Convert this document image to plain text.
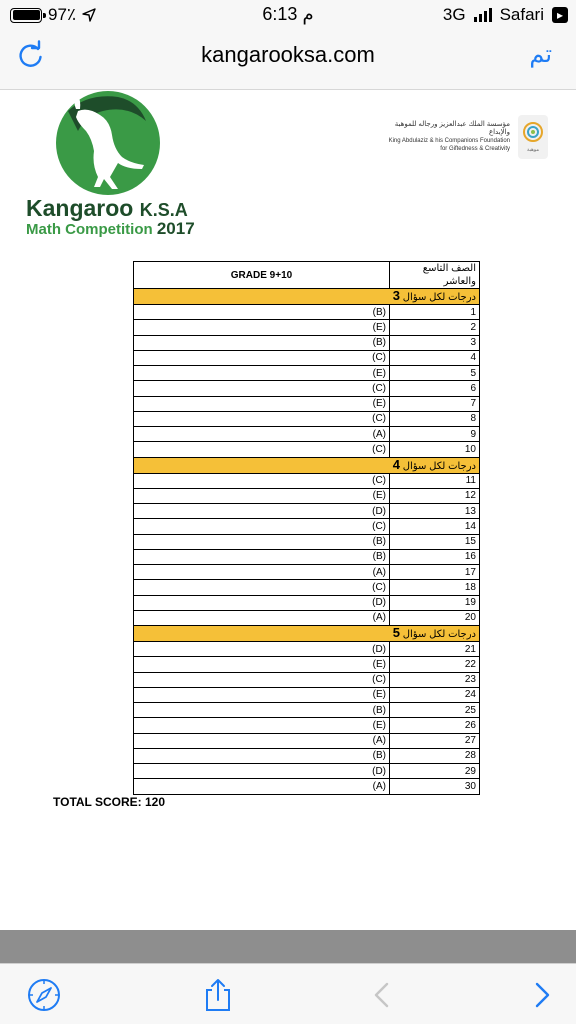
97٪	6:13 م	3G Safari	▸
kangarooksa.com	تم
Kangaroo K.S.A
Math Competition 2017
مؤسسة الملك عبدالعزيز ورجاله للموهبة والإبداع
King Abdulaziz & his Companions Foundation for Giftedness & Creativity	موهبة
GRADE 9+10	الصف التاسع والعاشر
درجات لكل سؤال 3	
(B)	1
(E)	2
(B)	3
(C)	4
(E)	5
(C)	6
(E)	7
(C)	8
(A)	9
(C)	10
درجات لكل سؤال 4	
(C)	11
(E)	12
(D)	13
(C)	14
(B)	15
(B)	16
(A)	17
(C)	18
(D)	19
(A)	20
درجات لكل سؤال 5	
(D)	21
(E)	22
(C)	23
(E)	24
(B)	25
(E)	26
(A)	27
(B)	28
(D)	29
(A)	30
TOTAL SCORE: 120
